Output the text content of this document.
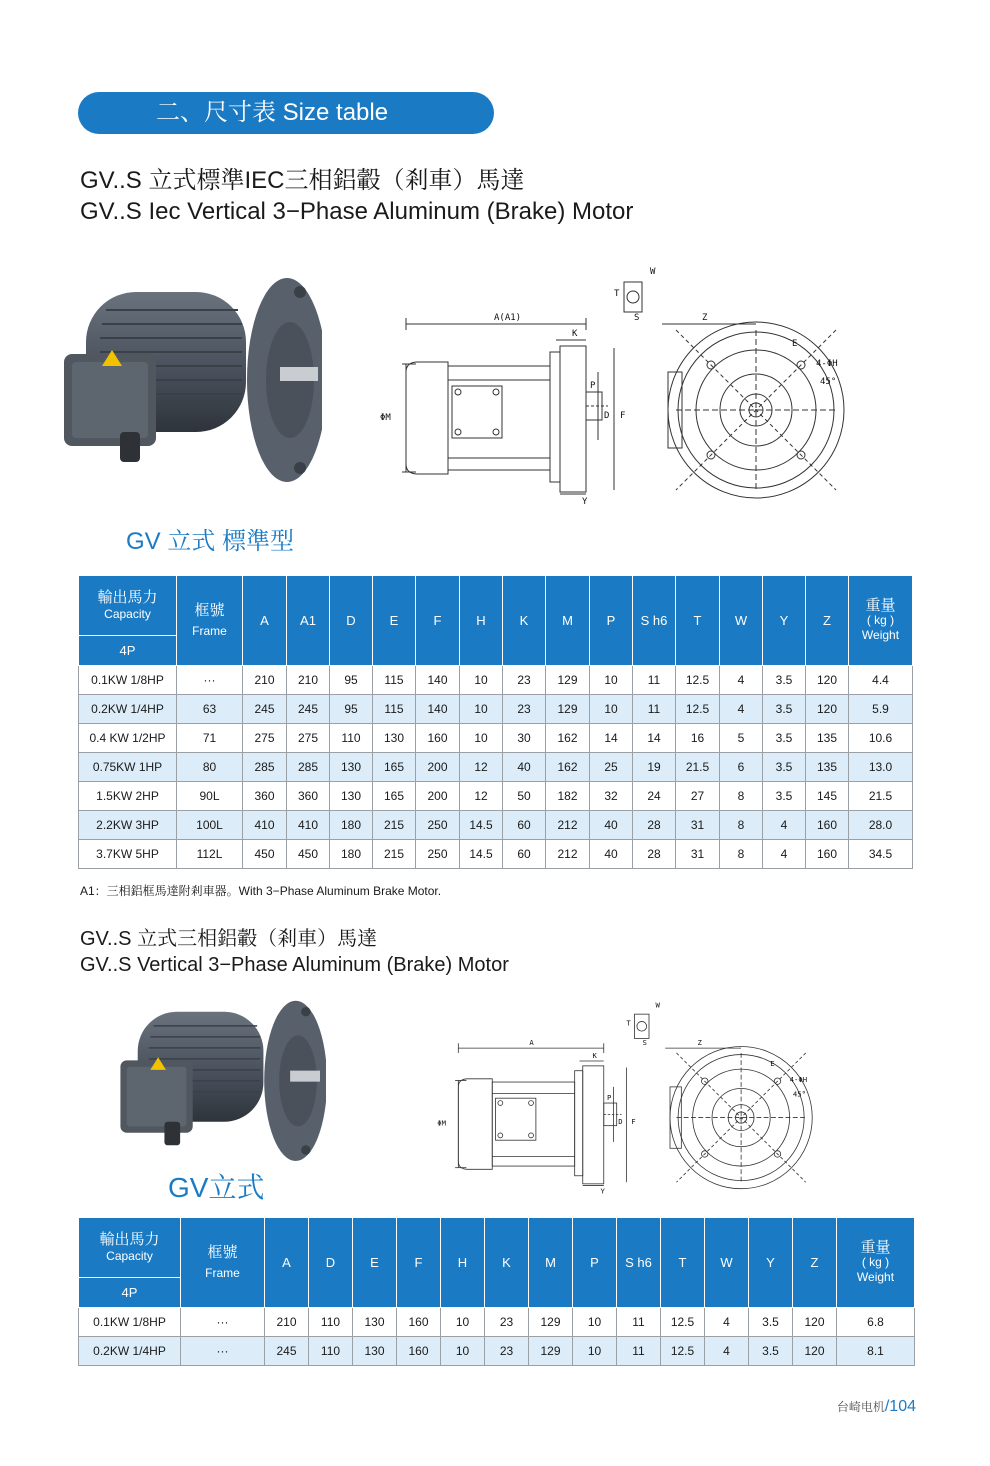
二、尺寸表 Size table
GV..S 立式標準IEC三相鋁轂（剎車）馬達
GV..S Iec Vertical 3−Phase Aluminum (Brake) Motor
A(A1)
K
P
D F
ΦM
Y
W
T
S	Z
E
4-ΦH
45°
GV 立式 標準型
輸出馬力
Capacity	框號
Frame	A	A1	D	E	F	H	K	M	P	S h6	T	W	Y	Z	重量
( kg )
Weight

4P																
0.1KW 1/8HP	···	210	210	95	115	140	10	23	129	10	11	12.5	4	3.5	120	4.4
0.2KW 1/4HP	63	245	245	95	115	140	10	23	129	10	11	12.5	4	3.5	120	5.9
0.4 KW 1/2HP	71	275	275	110	130	160	10	30	162	14	14	16	5	3.5	135	10.6
0.75KW 1HP	80	285	285	130	165	200	12	40	162	25	19	21.5	6	3.5	135	13.0
1.5KW 2HP	90L	360	360	130	165	200	12	50	182	32	24	27	8	3.5	145	21.5
2.2KW 3HP	100L	410	410	180	215	250	14.5	60	212	40	28	31	8	4	160	28.0
3.7KW 5HP	112L	450	450	180	215	250	14.5	60	212	40	28	31	8	4	160	34.5
A1：三相鋁框馬達附剎車器。With 3−Phase Aluminum Brake Motor.
GV..S 立式三相鋁轂（剎車）馬達
GV..S Vertical 3−Phase Aluminum (Brake) Motor
A
K
P
D F
ΦM
Y
W
T
S	Z
E
4-ΦH
45°
GV立式
輸出馬力
Capacity	框號
Frame	A	D	E	F	H	K	M	P	S h6	T	W	Y	Z	重量
( kg )
Weight

4P															
0.1KW 1/8HP	···	210	110	130	160	10	23	129	10	11	12.5	4	3.5	120	6.8
0.2KW 1/4HP	···	245	110	130	160	10	23	129	10	11	12.5	4	3.5	120	8.1
台崎电机/104
